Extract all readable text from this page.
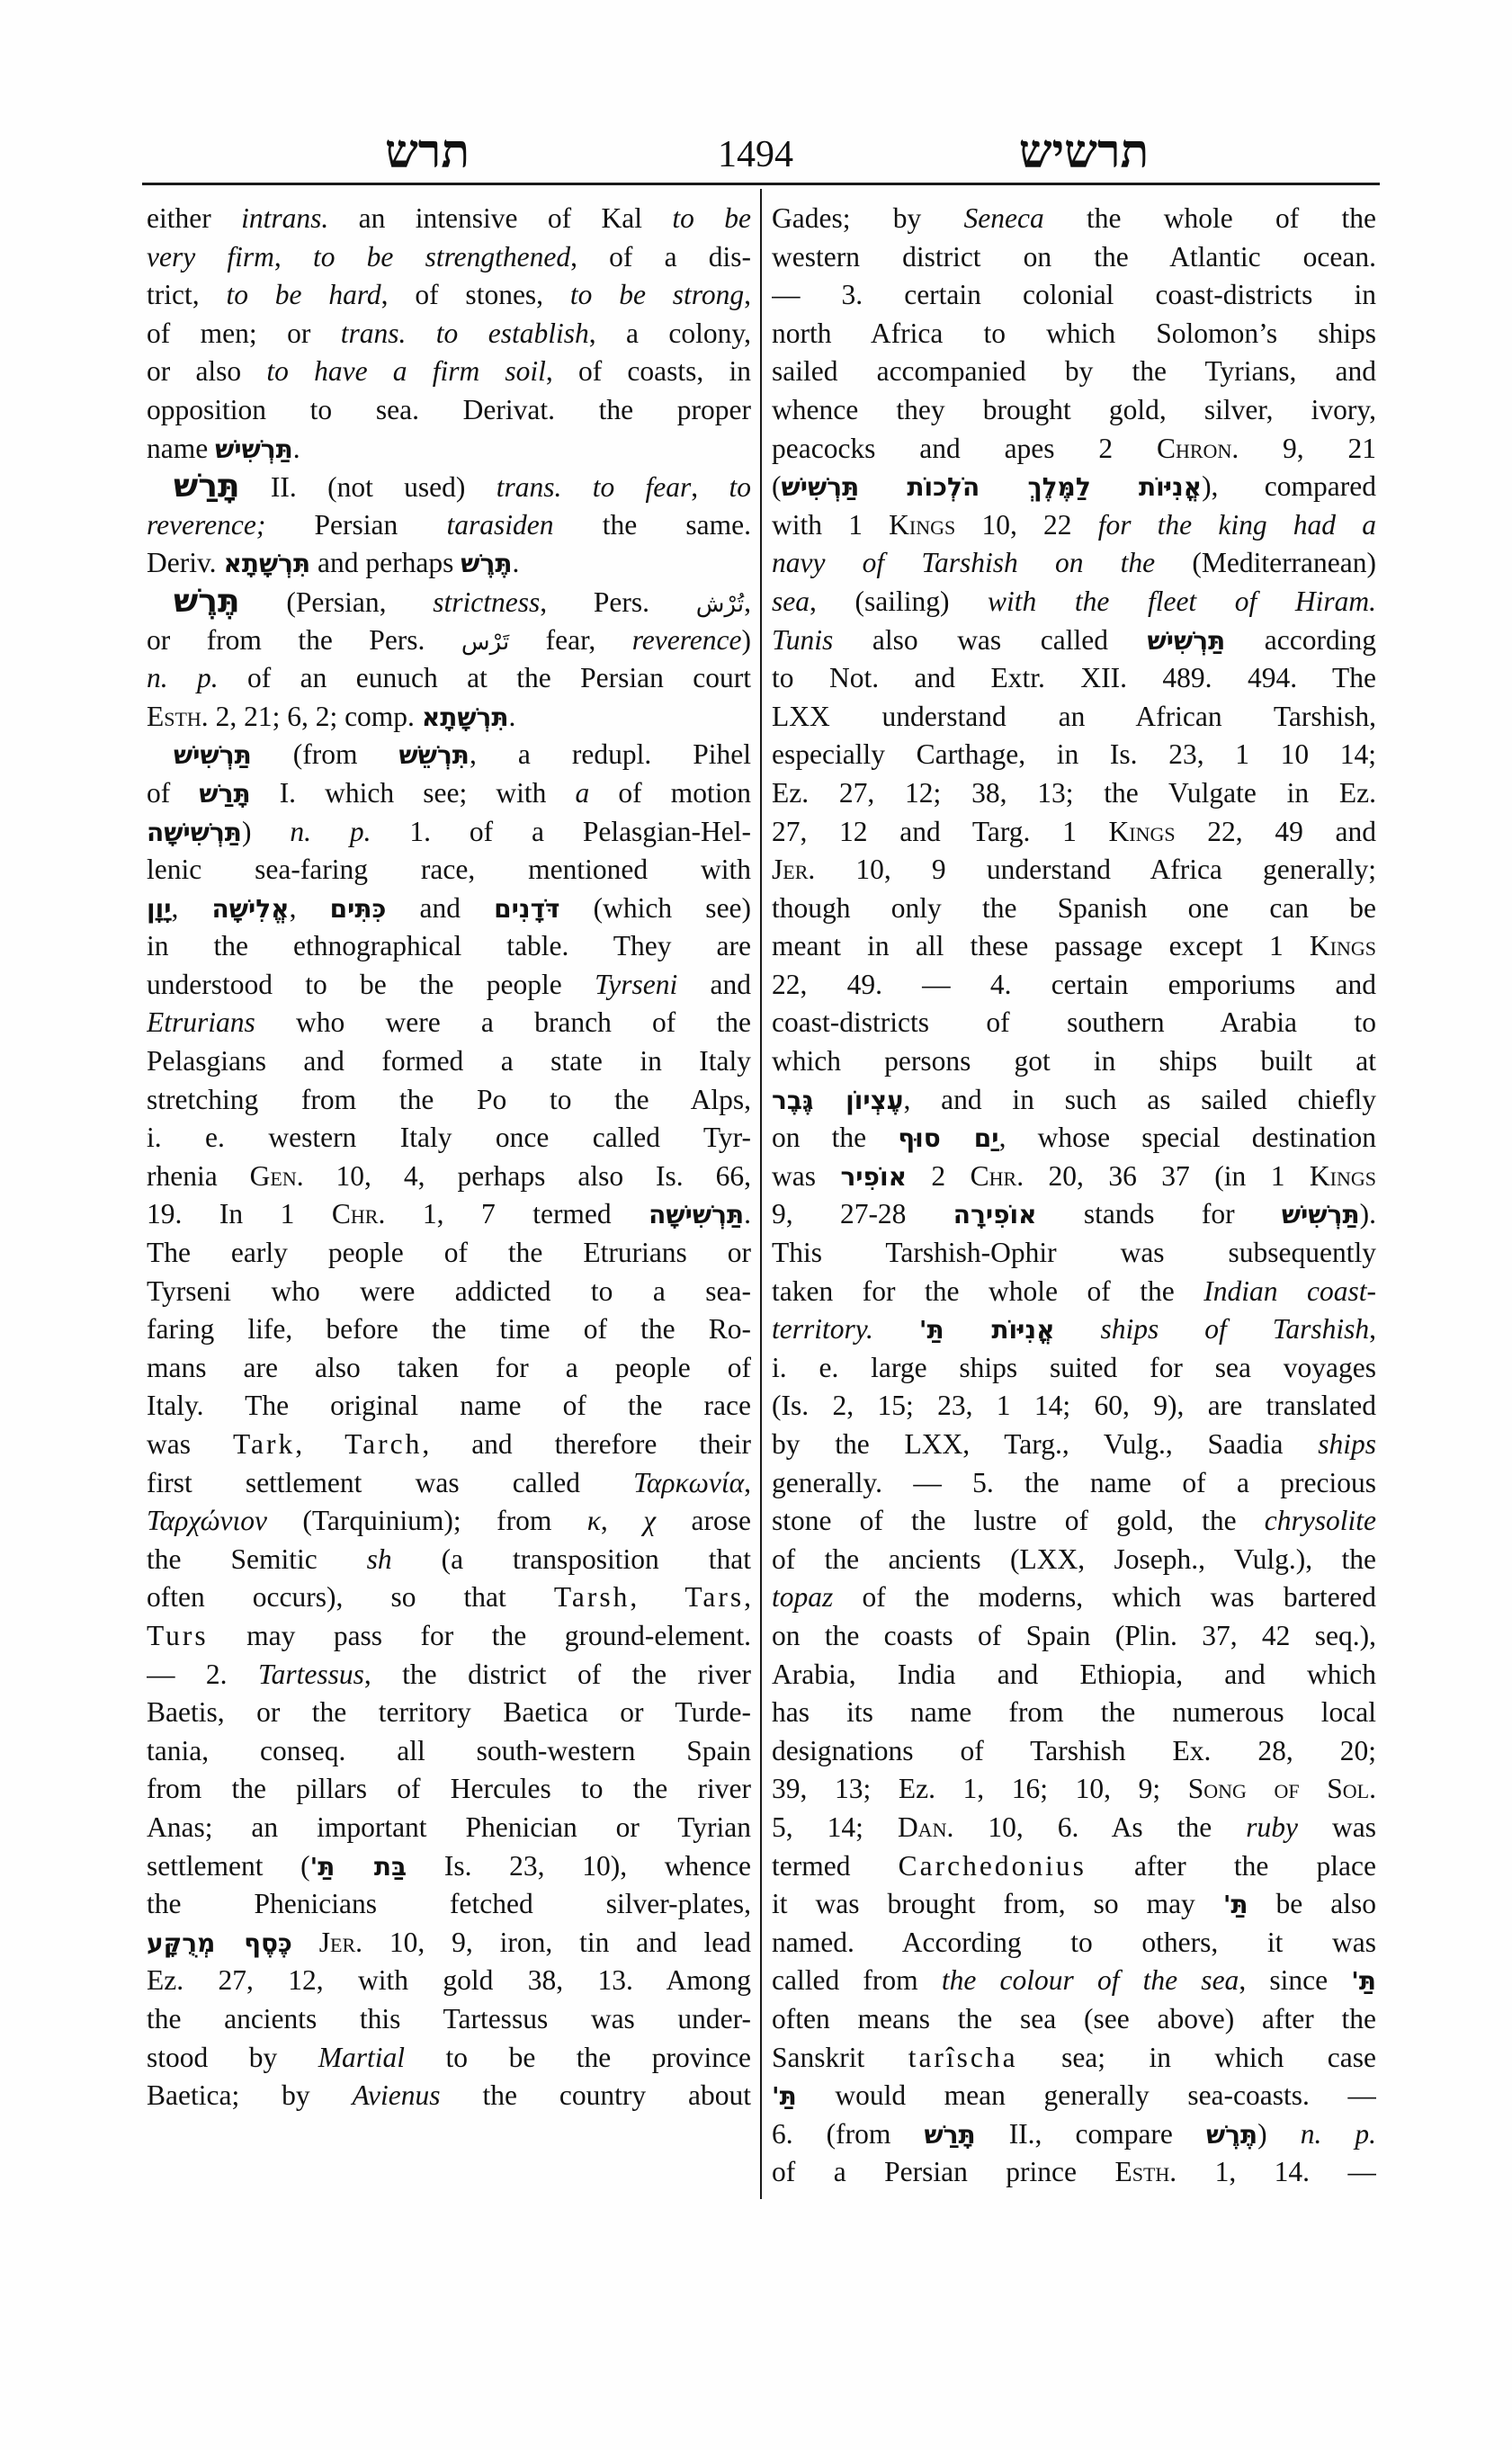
תרש	1494	תרשיש
either intrans. an intensive of Kal to be
very firm, to be strengthened, of a dis-
trict, to be hard, of stones, to be strong,
of men; or trans. to establish, a colony,
or also to have a firm soil, of coasts, in
opposition to sea. Derivat. the proper
name תַּרְשִׁישׁ.
תָּרַשׁ II. (not used) trans. to fear, to
reverence; Persian tarasiden the same.
Deriv. תִּרְשָׁתָא and perhaps תֶּרֶשׁ.
תֶּרֶשׁ (Persian, strictness, Pers. تُرْش,
or from the Pers. تَرْس fear, reverence)
n. p. of an eunuch at the Persian court
Esth. 2, 21; 6, 2; comp. תִּרְשָׁתָא.
תַּרְשִׁישׁ (from תִּרְשֵׁשׁ, a redupl. Pihel
of תָּרַשׁ I. which see; with a of motion
תַּרְשִׁישָׁה) n. p. 1. of a Pelasgian-Hel-
lenic sea-faring race, mentioned with
יָוָן, אֱלִישָׁה, כִּתִּים and דֹּדָנִים (which see)
in the ethnographical table. They are
understood to be the people Tyrseni and
Etrurians who were a branch of the
Pelasgians and formed a state in Italy
stretching from the Po to the Alps,
i. e. western Italy once called Tyr-
rhenia Gen. 10, 4, perhaps also Is. 66,
19. In 1 Chr. 1, 7 termed תַּרְשִׁישָׁה.
The early people of the Etrurians or
Tyrseni who were addicted to a sea-
faring life, before the time of the Ro-
mans are also taken for a people of
Italy. The original name of the race
was Tark, Tarch, and therefore their
first settlement was called Ταρκωνία,
Ταρχώνιον (Tarquinium); from κ, χ arose
the Semitic sh (a transposition that
often occurs), so that Tarsh, Tars,
Turs may pass for the ground-element.
— 2. Tartessus, the district of the river
Baetis, or the territory Baetica or Turde-
tania, conseq. all south-western Spain
from the pillars of Hercules to the river
Anas; an important Phenician or Tyrian
settlement (בַּת תַּ' Is. 23, 10), whence
the Phenicians fetched silver-plates,
כֶּסֶף מְרֻקָּע Jer. 10, 9, iron, tin and lead
Ez. 27, 12, with gold 38, 13. Among
the ancients this Tartessus was under-
stood by Martial to be the province
Baetica; by Avienus the country about
Gades; by Seneca the whole of the
western district on the Atlantic ocean.
— 3. certain colonial coast-districts in
north Africa to which Solomon’s ships
sailed accompanied by the Tyrians, and
whence they brought gold, silver, ivory,
peacocks and apes 2 Chron. 9, 21
(אֳנִיּוֹת לַמֶּלֶךְ הֹלְכוֹת תַּרְשִׁישׁ), compared
with 1 Kings 10, 22 for the king had a
navy of Tarshish on the (Mediterranean)
sea, (sailing) with the fleet of Hiram.
Tunis also was called תַּרְשִׁישׁ according
to Not. and Extr. XII. 489. 494. The
LXX understand an African Tarshish,
especially Carthage, in Is. 23, 1 10 14;
Ez. 27, 12; 38, 13; the Vulgate in Ez.
27, 12 and Targ. 1 Kings 22, 49 and
Jer. 10, 9 understand Africa generally;
though only the Spanish one can be
meant in all these passage except 1 Kings
22, 49. — 4. certain emporiums and
coast-districts of southern Arabia to
which persons got in ships built at
עֶצְיוֹן גֶּבֶר, and in such as sailed chiefly
on the יַם סוּף, whose special destination
was אוֹפִיר 2 Chr. 20, 36 37 (in 1 Kings
9, 27-28 אוֹפִירָה stands for תַּרְשִׁישׁ).
This Tarshish-Ophir was subsequently
taken for the whole of the Indian coast-
territory. אֳנִיּוֹת תַּ' ships of Tarshish,
i. e. large ships suited for sea voyages
(Is. 2, 15; 23, 1 14; 60, 9), are translated
by the LXX, Targ., Vulg., Saadia ships
generally. — 5. the name of a precious
stone of the lustre of gold, the chrysolite
of the ancients (LXX, Joseph., Vulg.), the
topaz of the moderns, which was bartered
on the coasts of Spain (Plin. 37, 42 seq.),
Arabia, India and Ethiopia, and which
has its name from the numerous local
designations of Tarshish Ex. 28, 20;
39, 13; Ez. 1, 16; 10, 9; Song of Sol.
5, 14; Dan. 10, 6. As the ruby was
termed Carchedonius after the place
it was brought from, so may תַּ' be also
named. According to others, it was
called from the colour of the sea, since תַּ'
often means the sea (see above) after the
Sanskrit tarîscha sea; in which case
תַּ' would mean generally sea-coasts. —
6. (from תָּרַשׁ II., compare תֶּרֶשׁ) n. p.
of a Persian prince Esth. 1, 14. —
